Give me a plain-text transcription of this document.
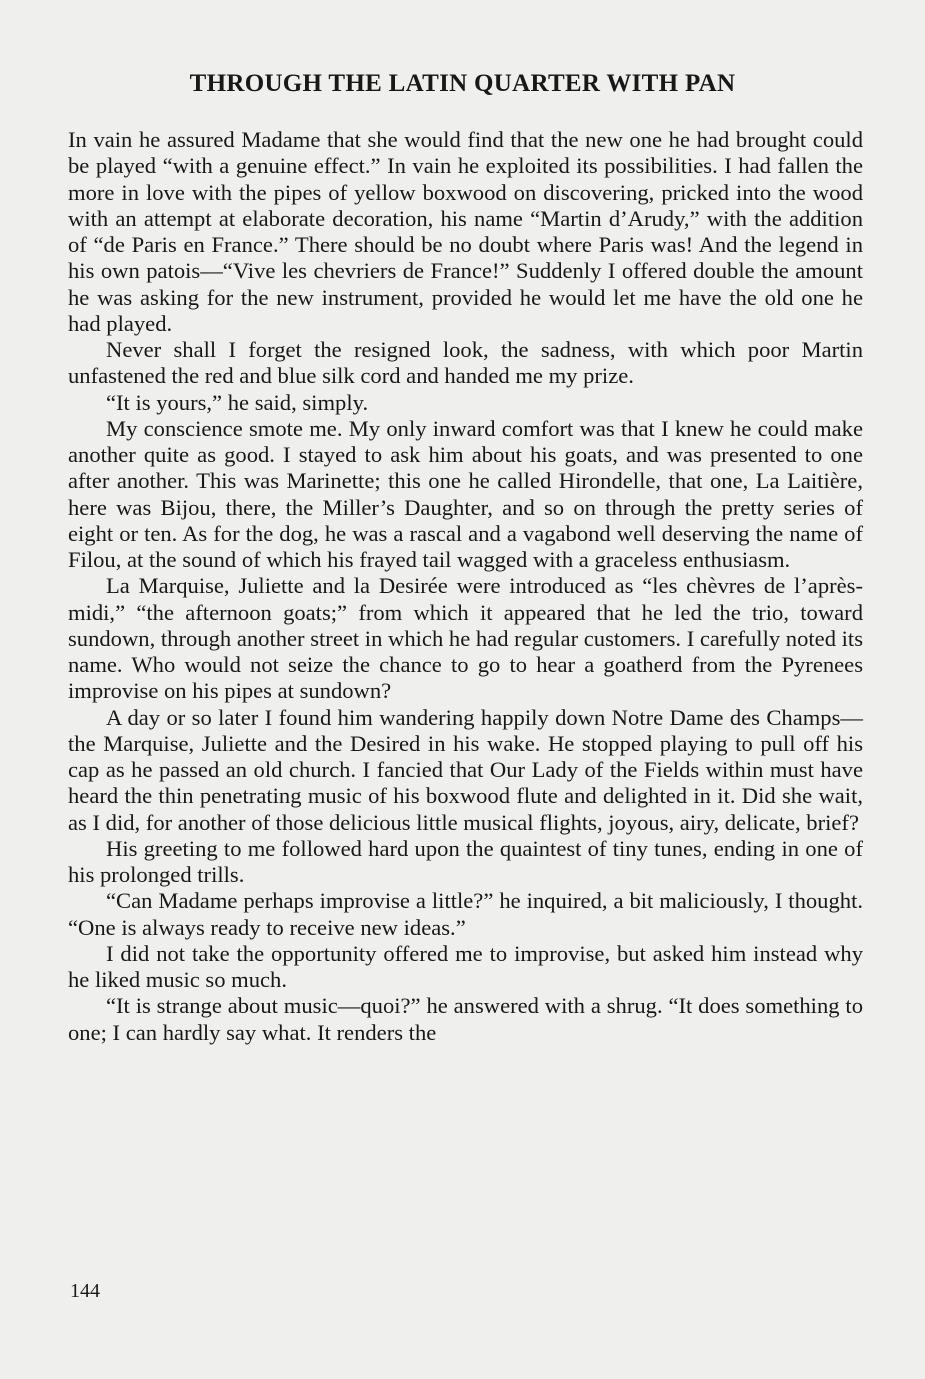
THROUGH THE LATIN QUARTER WITH PAN

In vain he assured Madame that she would find that the new one he had brought could be played “with a genuine effect.” In vain he exploited its possibilities. I had fallen the more in love with the pipes of yellow boxwood on discovering, pricked into the wood with an attempt at elaborate decoration, his name “Martin d’Arudy,” with the addition of “de Paris en France.” There should be no doubt where Paris was! And the legend in his own patois—“Vive les chevriers de France!” Suddenly I offered double the amount he was asking for the new instrument, provided he would let me have the old one he had played.

Never shall I forget the resigned look, the sadness, with which poor Martin unfastened the red and blue silk cord and handed me my prize.

“It is yours,” he said, simply.

My conscience smote me. My only inward comfort was that I knew he could make another quite as good. I stayed to ask him about his goats, and was presented to one after another. This was Marinette; this one he called Hirondelle, that one, La Laitière, here was Bijou, there, the Miller’s Daughter, and so on through the pretty series of eight or ten. As for the dog, he was a rascal and a vagabond well deserving the name of Filou, at the sound of which his frayed tail wagged with a graceless enthusiasm.

La Marquise, Juliette and la Desirée were introduced as “les chèvres de l’après-midi,” “the afternoon goats;” from which it appeared that he led the trio, toward sundown, through another street in which he had regular customers. I carefully noted its name. Who would not seize the chance to go to hear a goatherd from the Pyrenees improvise on his pipes at sundown?

A day or so later I found him wandering happily down Notre Dame des Champs—the Marquise, Juliette and the Desired in his wake. He stopped playing to pull off his cap as he passed an old church. I fancied that Our Lady of the Fields within must have heard the thin penetrating music of his boxwood flute and delighted in it. Did she wait, as I did, for another of those delicious little musical flights, joyous, airy, delicate, brief?

His greeting to me followed hard upon the quaintest of tiny tunes, ending in one of his prolonged trills.

“Can Madame perhaps improvise a little?” he inquired, a bit maliciously, I thought. “One is always ready to receive new ideas.”

I did not take the opportunity offered me to improvise, but asked him instead why he liked music so much.

“It is strange about music—quoi?” he answered with a shrug. “It does something to one; I can hardly say what. It renders the

144
